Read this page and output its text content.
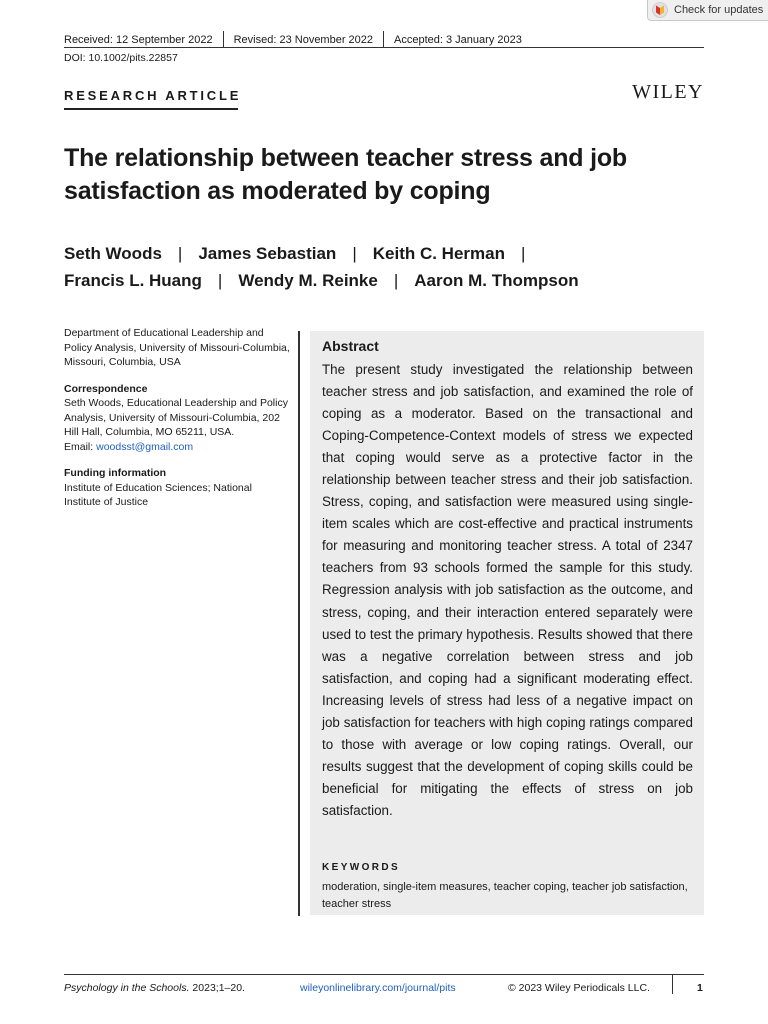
Check for updates
Received: 12 September 2022 Revised: 23 November 2022 Accepted: 3 January 2023
DOI: 10.1002/pits.22857
RESEARCH ARTICLE	WILEY
The relationship between teacher stress and job satisfaction as moderated by coping
Seth Woods | James Sebastian | Keith C. Herman |
Francis L. Huang | Wendy M. Reinke | Aaron M. Thompson

Department of Educational Leadership and Policy Analysis, University of Missouri-Columbia, Missouri, Columbia, USA

Correspondence

Seth Woods, Educational Leadership and Policy Analysis, University of Missouri-Columbia, 202 Hill Hall, Columbia, MO 65211, USA.

Email: woodsst@gmail.com

Funding information

Institute of Education Sciences; National Institute of Justice

Abstract

The present study investigated the relationship between teacher stress and job satisfaction, and examined the role of coping as a moderator. Based on the transactional and Coping-Competence-Context models of stress we expected that coping would serve as a protective factor in the relationship between teacher stress and their job satisfaction. Stress, coping, and satisfaction were measured using single-item scales which are cost-effective and practical instruments for measuring and monitoring teacher stress. A total of 2347 teachers from 93 schools formed the sample for this study. Regression analysis with job satisfaction as the outcome, and stress, coping, and their interaction entered separately were used to test the primary hypothesis. Results showed that there was a negative correlation between stress and job satisfaction, and coping had a significant moderating effect. Increasing levels of stress had less of a negative impact on job satisfaction for teachers with high coping ratings compared to those with average or low coping ratings. Overall, our results suggest that the development of coping skills could be beneficial for mitigating the effects of stress on job satisfaction.

KEYWORDS

moderation, single-item measures, teacher coping, teacher job satisfaction, teacher stress

Psychology in the Schools. 2023;1–20.	wileyonlinelibrary.com/journal/pits	© 2023 Wiley Periodicals LLC.	1
